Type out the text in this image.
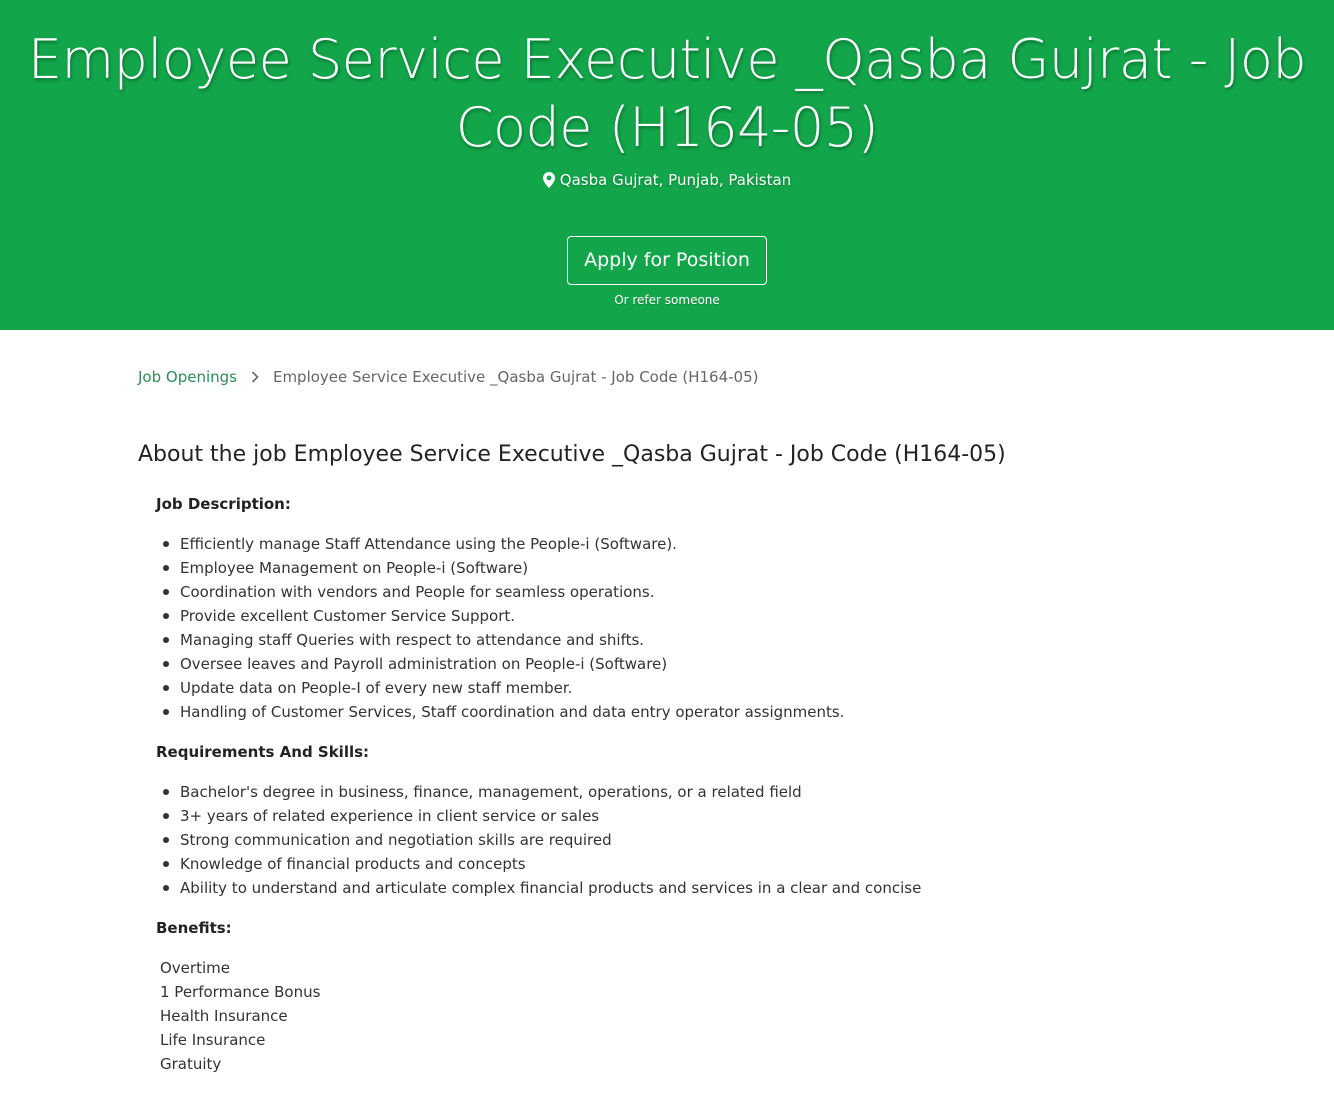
Employee Service Executive _Qasba Gujrat - Job Code (H164-05)
Qasba Gujrat, Punjab, Pakistan
Apply for Position
Or refer someone
Job Openings Employee Service Executive _Qasba Gujrat - Job Code (H164-05)
About the job Employee Service Executive _Qasba Gujrat - Job Code (H164-05)
Job Description:
Efficiently manage Staff Attendance using the People-i (Software).
Employee Management on People-i (Software)
Coordination with vendors and People for seamless operations.
Provide excellent Customer Service Support.
Managing staff Queries with respect to attendance and shifts.
Oversee leaves and Payroll administration on People-i (Software)
Update data on People-I of every new staff member.
Handling of Customer Services, Staff coordination and data entry operator assignments.
Requirements And Skills:
Bachelor's degree in business, finance, management, operations, or a related field
3+ years of related experience in client service or sales
Strong communication and negotiation skills are required
Knowledge of financial products and concepts
Ability to understand and articulate complex financial products and services in a clear and concise
Benefits:
Overtime
1 Performance Bonus
Health Insurance
Life Insurance
Gratuity
